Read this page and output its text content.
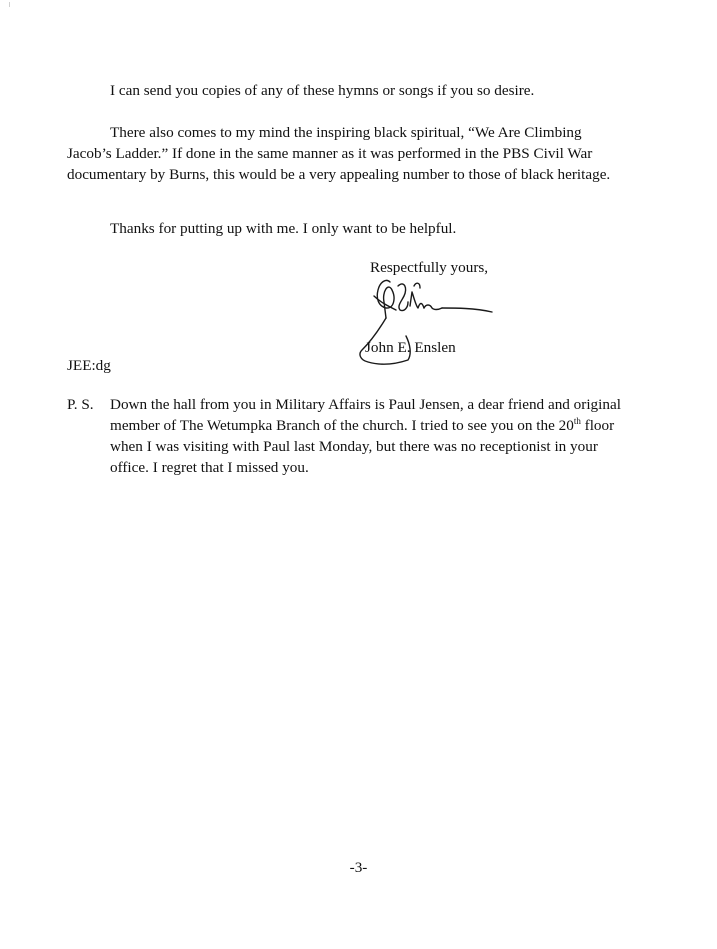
I can send you copies of any of these hymns or songs if you so desire.

There also comes to my mind the inspiring black spiritual, “We Are Climbing Jacob’s Ladder.” If done in the same manner as it was performed in the PBS Civil War documentary by Burns, this would be a very appealing number to those of black heritage.

Thanks for putting up with me. I only want to be helpful.

Respectfully yours,
John E. Enslen
JEE:dg
P. S. Down the hall from you in Military Affairs is Paul Jensen, a dear friend and original member of The Wetumpka Branch of the church. I tried to see you on the 20th floor when I was visiting with Paul last Monday, but there was no receptionist in your office. I regret that I missed you.
-3-
